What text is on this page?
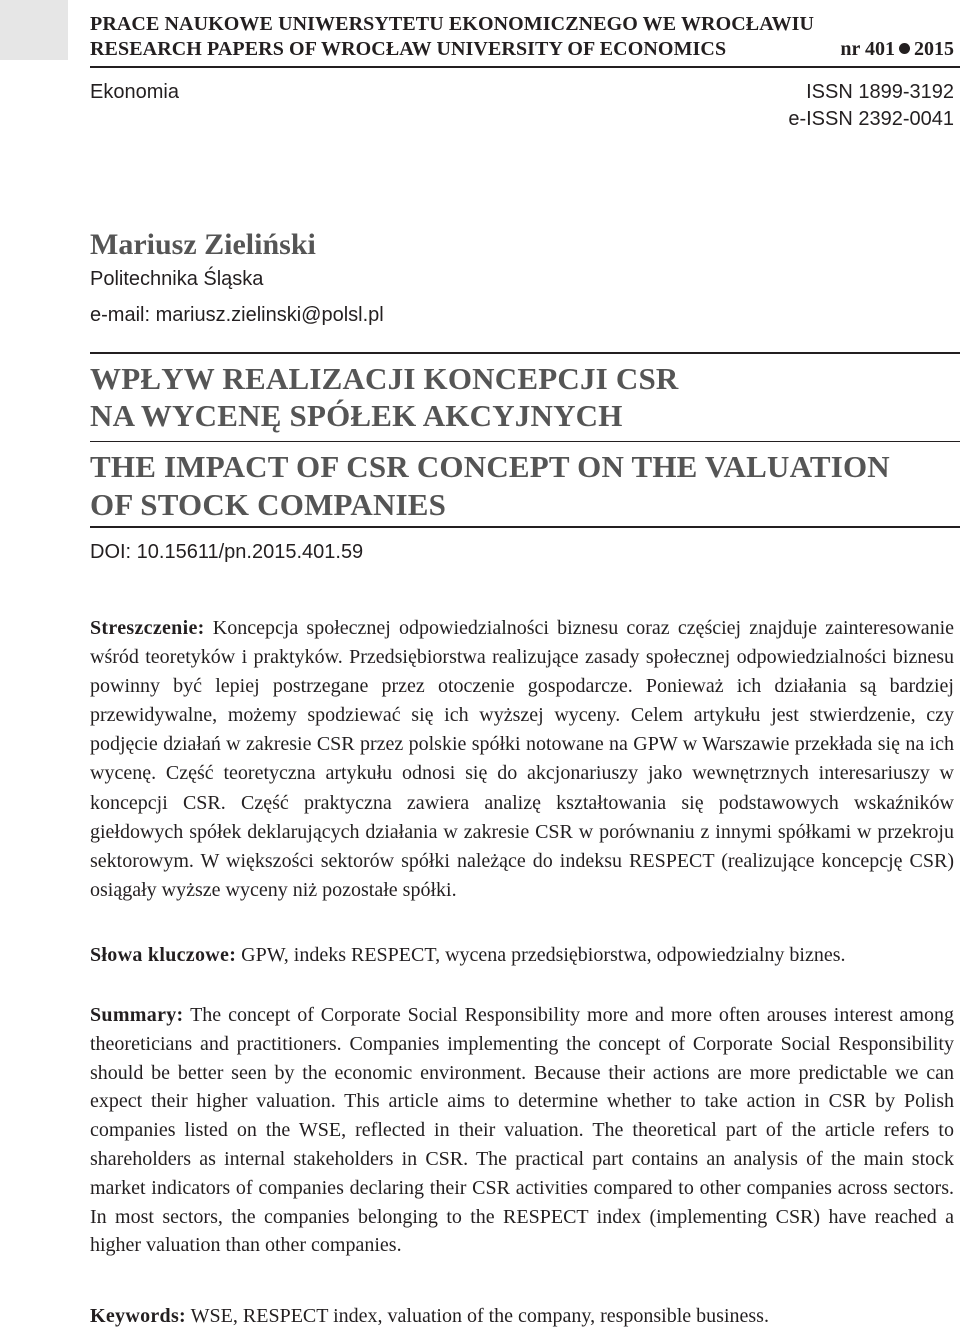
PRACE NAUKOWE UNIWERSYTETU EKONOMICZNEGO WE WROCŁAWIU
RESEARCH PAPERS OF WROCŁAW UNIVERSITY OF ECONOMICS	nr 401 2015
Ekonomia	ISSN 1899-3192
e-ISSN 2392-0041
Mariusz Zieliński
Politechnika Śląska
e-mail: mariusz.zielinski@polsl.pl
WPŁYW REALIZACJI KONCEPCJI CSR
NA WYCENĘ SPÓŁEK AKCYJNYCH
THE IMPACT OF CSR CONCEPT ON THE VALUATION
OF STOCK COMPANIES
DOI: 10.15611/pn.2015.401.59
Streszczenie: Koncepcja społecznej odpowiedzialności biznesu coraz częściej znajduje zainteresowanie wśród teoretyków i praktyków. Przedsiębiorstwa realizujące zasady społecznej odpowiedzialności biznesu powinny być lepiej postrzegane przez otoczenie gospodarcze. Ponieważ ich działania są bardziej przewidywalne, możemy spodziewać się ich wyższej wyceny. Celem artykułu jest stwierdzenie, czy podjęcie działań w zakresie CSR przez polskie spółki notowane na GPW w Warszawie przekłada się na ich wycenę. Część teoretyczna artykułu odnosi się do akcjonariuszy jako wewnętrznych interesariuszy w koncepcji CSR. Część praktyczna zawiera analizę kształtowania się podstawowych wskaźników giełdowych spółek deklarujących działania w zakresie CSR w porównaniu z innymi spółkami w przekroju sektorowym. W większości sektorów spółki należące do indeksu RESPECT (realizujące koncepcję CSR) osiągały wyższe wyceny niż pozostałe spółki.
Słowa kluczowe: GPW, indeks RESPECT, wycena przedsiębiorstwa, odpowiedzialny biznes.
Summary: The concept of Corporate Social Responsibility more and more often arouses interest among theoreticians and practitioners. Companies implementing the concept of Corporate Social Responsibility should be better seen by the economic environment. Because their actions are more predictable we can expect their higher valuation. This article aims to determine whether to take action in CSR by Polish companies listed on the WSE, reflected in their valuation. The theoretical part of the article refers to shareholders as internal stakeholders in CSR. The practical part contains an analysis of the main stock market indicators of companies declaring their CSR activities compared to other companies across sectors. In most sectors, the companies belonging to the RESPECT index (implementing CSR) have reached a higher valuation than other companies.
Keywords: WSE, RESPECT index, valuation of the company, responsible business.
